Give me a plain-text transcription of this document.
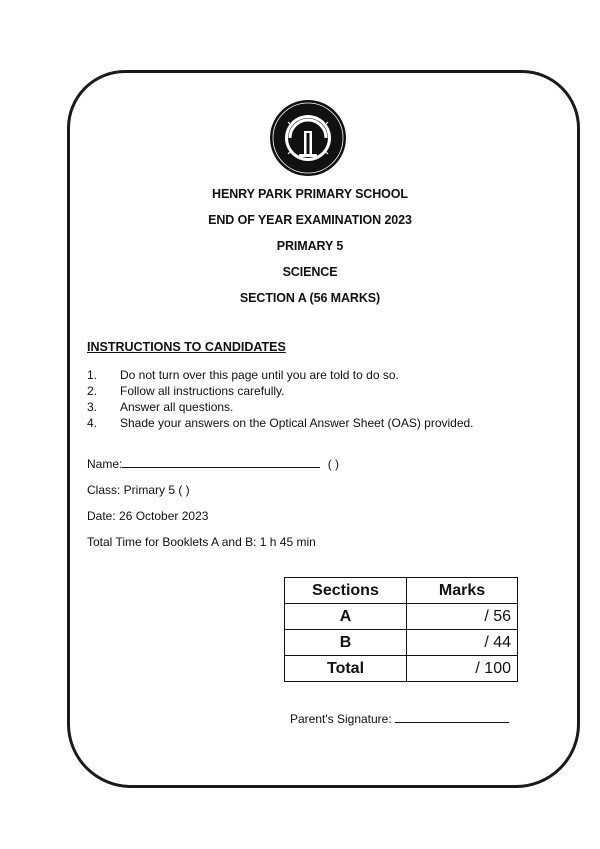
HENRY PARK PRIMARY SCHOOL
END OF YEAR EXAMINATION 2023
PRIMARY 5
SCIENCE
SECTION A (56 MARKS)
INSTRUCTIONS TO CANDIDATES
1. Do not turn over this page until you are told to do so.
2. Follow all instructions carefully.
3. Answer all questions.
4. Shade your answers on the Optical Answer Sheet (OAS) provided.
Name:	( )
Class: Primary 5 ( )
Date: 26 October 2023
Total Time for Booklets A and B: 1 h 45 min
Sections	Marks
A	/ 56
B	/ 44
Total	/ 100
Parent's Signature:
